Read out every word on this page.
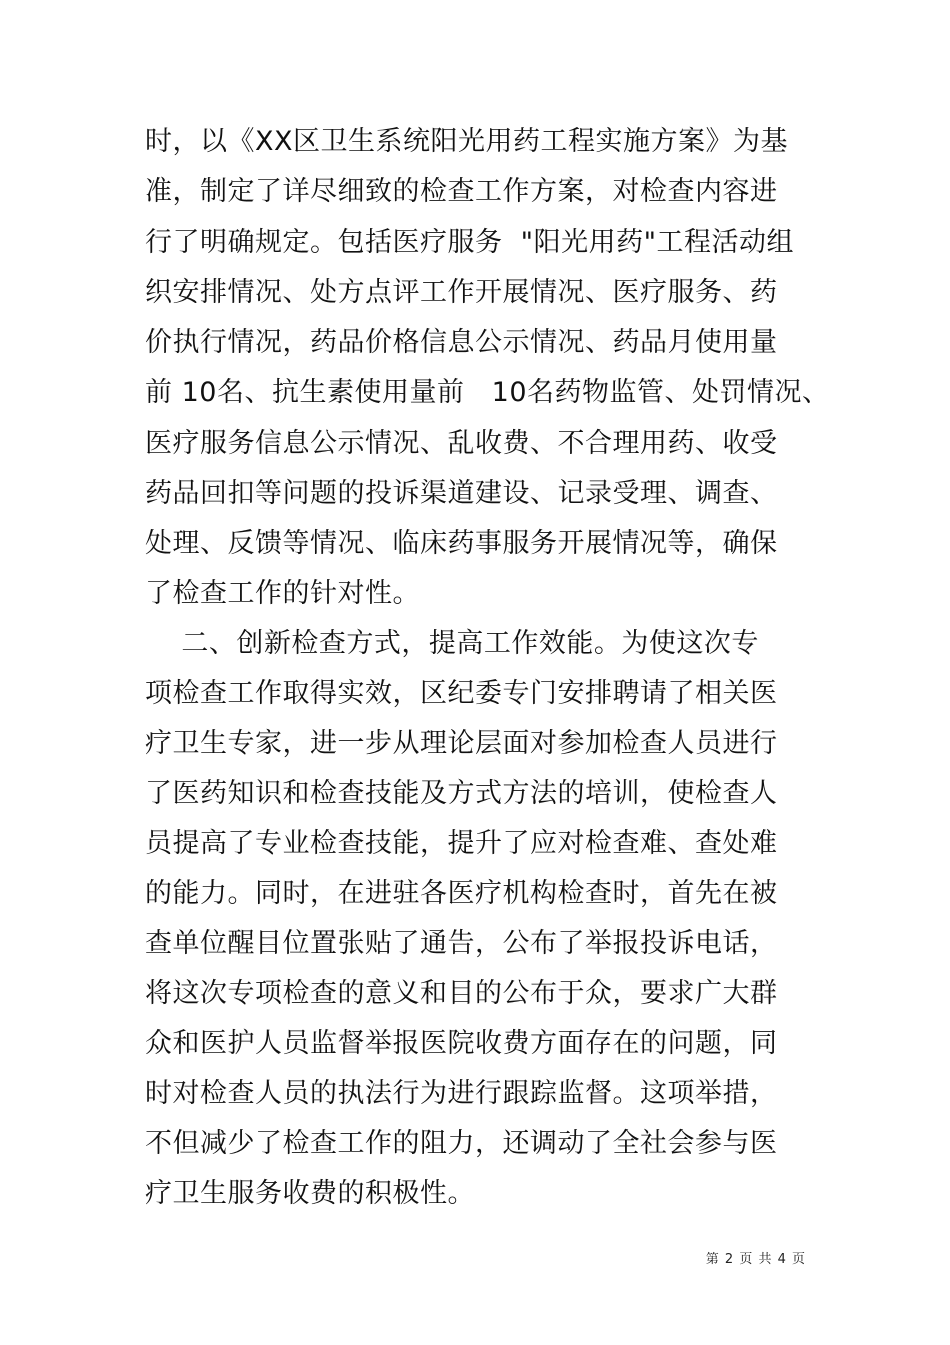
时，以《XX区卫生系统阳光用药工程实施方案》为基
准，制定了详尽细致的检查工作方案，对检查内容进
行了明确规定。包括医疗服务  "阳光用药"工程活动组
织安排情况、处方点评工作开展情况、医疗服务、药
价执行情况，药品价格信息公示情况、药品月使用量
前 10名、抗生素使用量前   10名药物监管、处罚情况、
医疗服务信息公示情况、乱收费、不合理用药、收受
药品回扣等问题的投诉渠道建设、记录受理、调查、
处理、反馈等情况、临床药事服务开展情况等，确保
了检查工作的针对性。
二、创新检查方式，提高工作效能。为使这次专
项检查工作取得实效，区纪委专门安排聘请了相关医
疗卫生专家，进一步从理论层面对参加检查人员进行
了医药知识和检查技能及方式方法的培训，使检查人
员提高了专业检查技能，提升了应对检查难、查处难
的能力。同时，在进驻各医疗机构检查时，首先在被
查单位醒目位置张贴了通告，公布了举报投诉电话，
将这次专项检查的意义和目的公布于众，要求广大群
众和医护人员监督举报医院收费方面存在的问题，同
时对检查人员的执法行为进行跟踪监督。这项举措，
不但减少了检查工作的阻力，还调动了全社会参与医
疗卫生服务收费的积极性。
第 2 页 共 4 页
